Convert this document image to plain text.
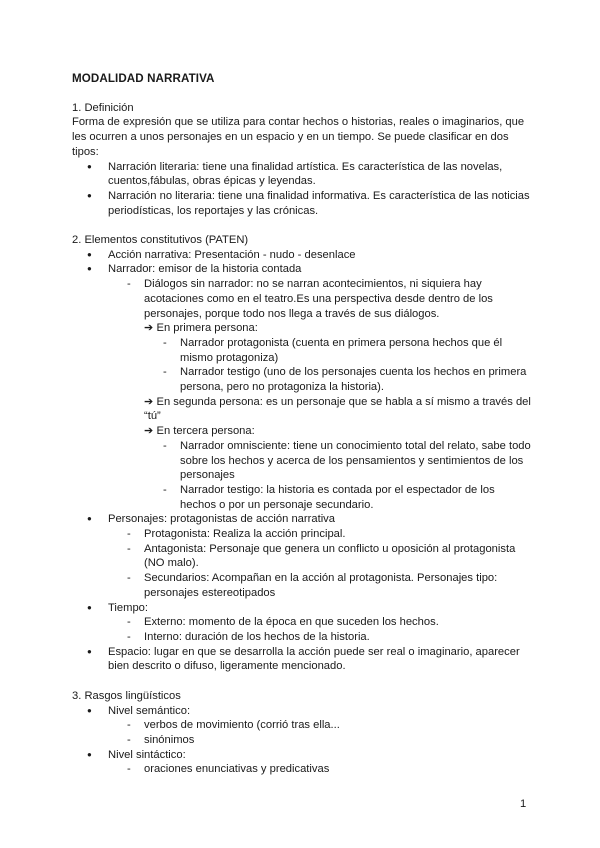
MODALIDAD NARRATIVA

1. Definición

Forma de expresión que se utiliza para contar hechos o historias, reales o imaginarios, que les ocurren a unos personajes en un espacio y en un tiempo. Se puede clasificar en dos tipos:

● Narración literaria: tiene una finalidad artística. Es característica de las novelas, cuentos,fábulas, obras épicas y leyendas.
● Narración no literaria: tiene una finalidad informativa. Es característica de las noticias periodísticas, los reportajes y las crónicas.

2. Elementos constitutivos (PATEN)

● Acción narrativa: Presentación - nudo - desenlace
● Narrador: emisor de la historia contada
- Diálogos sin narrador: no se narran acontecimientos, ni siquiera hay acotaciones como en el teatro.Es una perspectiva desde dentro de los personajes, porque todo nos llega a través de sus diálogos.
➔ En primera persona:
- Narrador protagonista (cuenta en primera persona hechos que él mismo protagoniza)
- Narrador testigo (uno de los personajes cuenta los hechos en primera persona, pero no protagoniza la historia).
➔ En segunda persona: es un personaje que se habla a sí mismo a través del “tú”
➔ En tercera persona:
- Narrador omnisciente: tiene un conocimiento total del relato, sabe todo sobre los hechos y acerca de los pensamientos y sentimientos de los personajes
- Narrador testigo: la historia es contada por el espectador de los hechos o por un personaje secundario.
● Personajes: protagonistas de acción narrativa
- Protagonista: Realiza la acción principal.
- Antagonista: Personaje que genera un conflicto u oposición al protagonista (NO malo).
- Secundarios: Acompañan en la acción al protagonista. Personajes tipo: personajes estereotipados
● Tiempo:
- Externo: momento de la época en que suceden los hechos.
- Interno: duración de los hechos de la historia.
● Espacio: lugar en que se desarrolla la acción puede ser real o imaginario, aparecer bien descrito o difuso, ligeramente mencionado.

3. Rasgos lingüísticos

● Nivel semántico:
- verbos de movimiento (corrió tras ella...
- sinónimos
● Nivel sintáctico:
- oraciones enunciativas y predicativas
1
